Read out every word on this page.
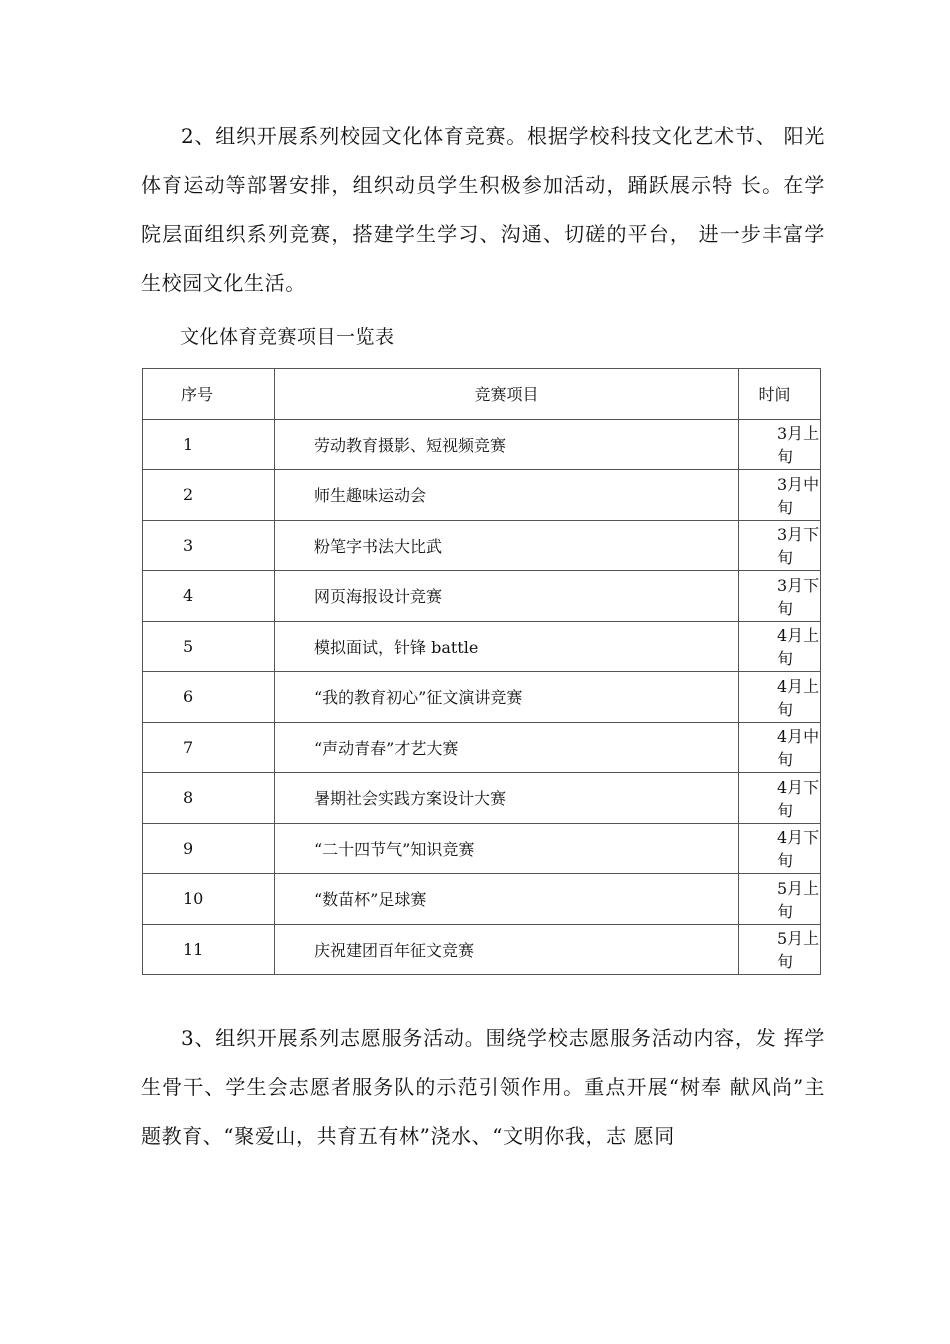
2、组织开展系列校园文化体育竞赛。根据学校科技文化艺术节、 阳光体育运动等部署安排，组织动员学生积极参加活动，踊跃展示特 长。在学院层面组织系列竞赛，搭建学生学习、沟通、切磋的平台， 进一步丰富学生校园文化生活。

文化体育竞赛项目一览表

序号	竞赛项目	时间
1	劳动教育摄影、短视频竞赛	3月上旬
2	师生趣味运动会	3月中旬
3	粉笔字书法大比武	3月下旬
4	网页海报设计竞赛	3月下旬
5	模拟面试，针锋 battle	4月上旬
6	“我的教育初心”征文演讲竞赛	4月上旬
7	“声动青春”才艺大赛	4月中旬
8	暑期社会实践方案设计大赛	4月下旬
9	“二十四节气”知识竞赛	4月下旬
10	“数苗杯”足球赛	5月上旬
11	庆祝建团百年征文竞赛	5月上旬

3、组织开展系列志愿服务活动。围绕学校志愿服务活动内容，发 挥学生骨干、学生会志愿者服务队的示范引领作用。重点开展“树奉 献风尚”主题教育、“聚爱山，共育五有林”浇水、“文明你我，志 愿同
